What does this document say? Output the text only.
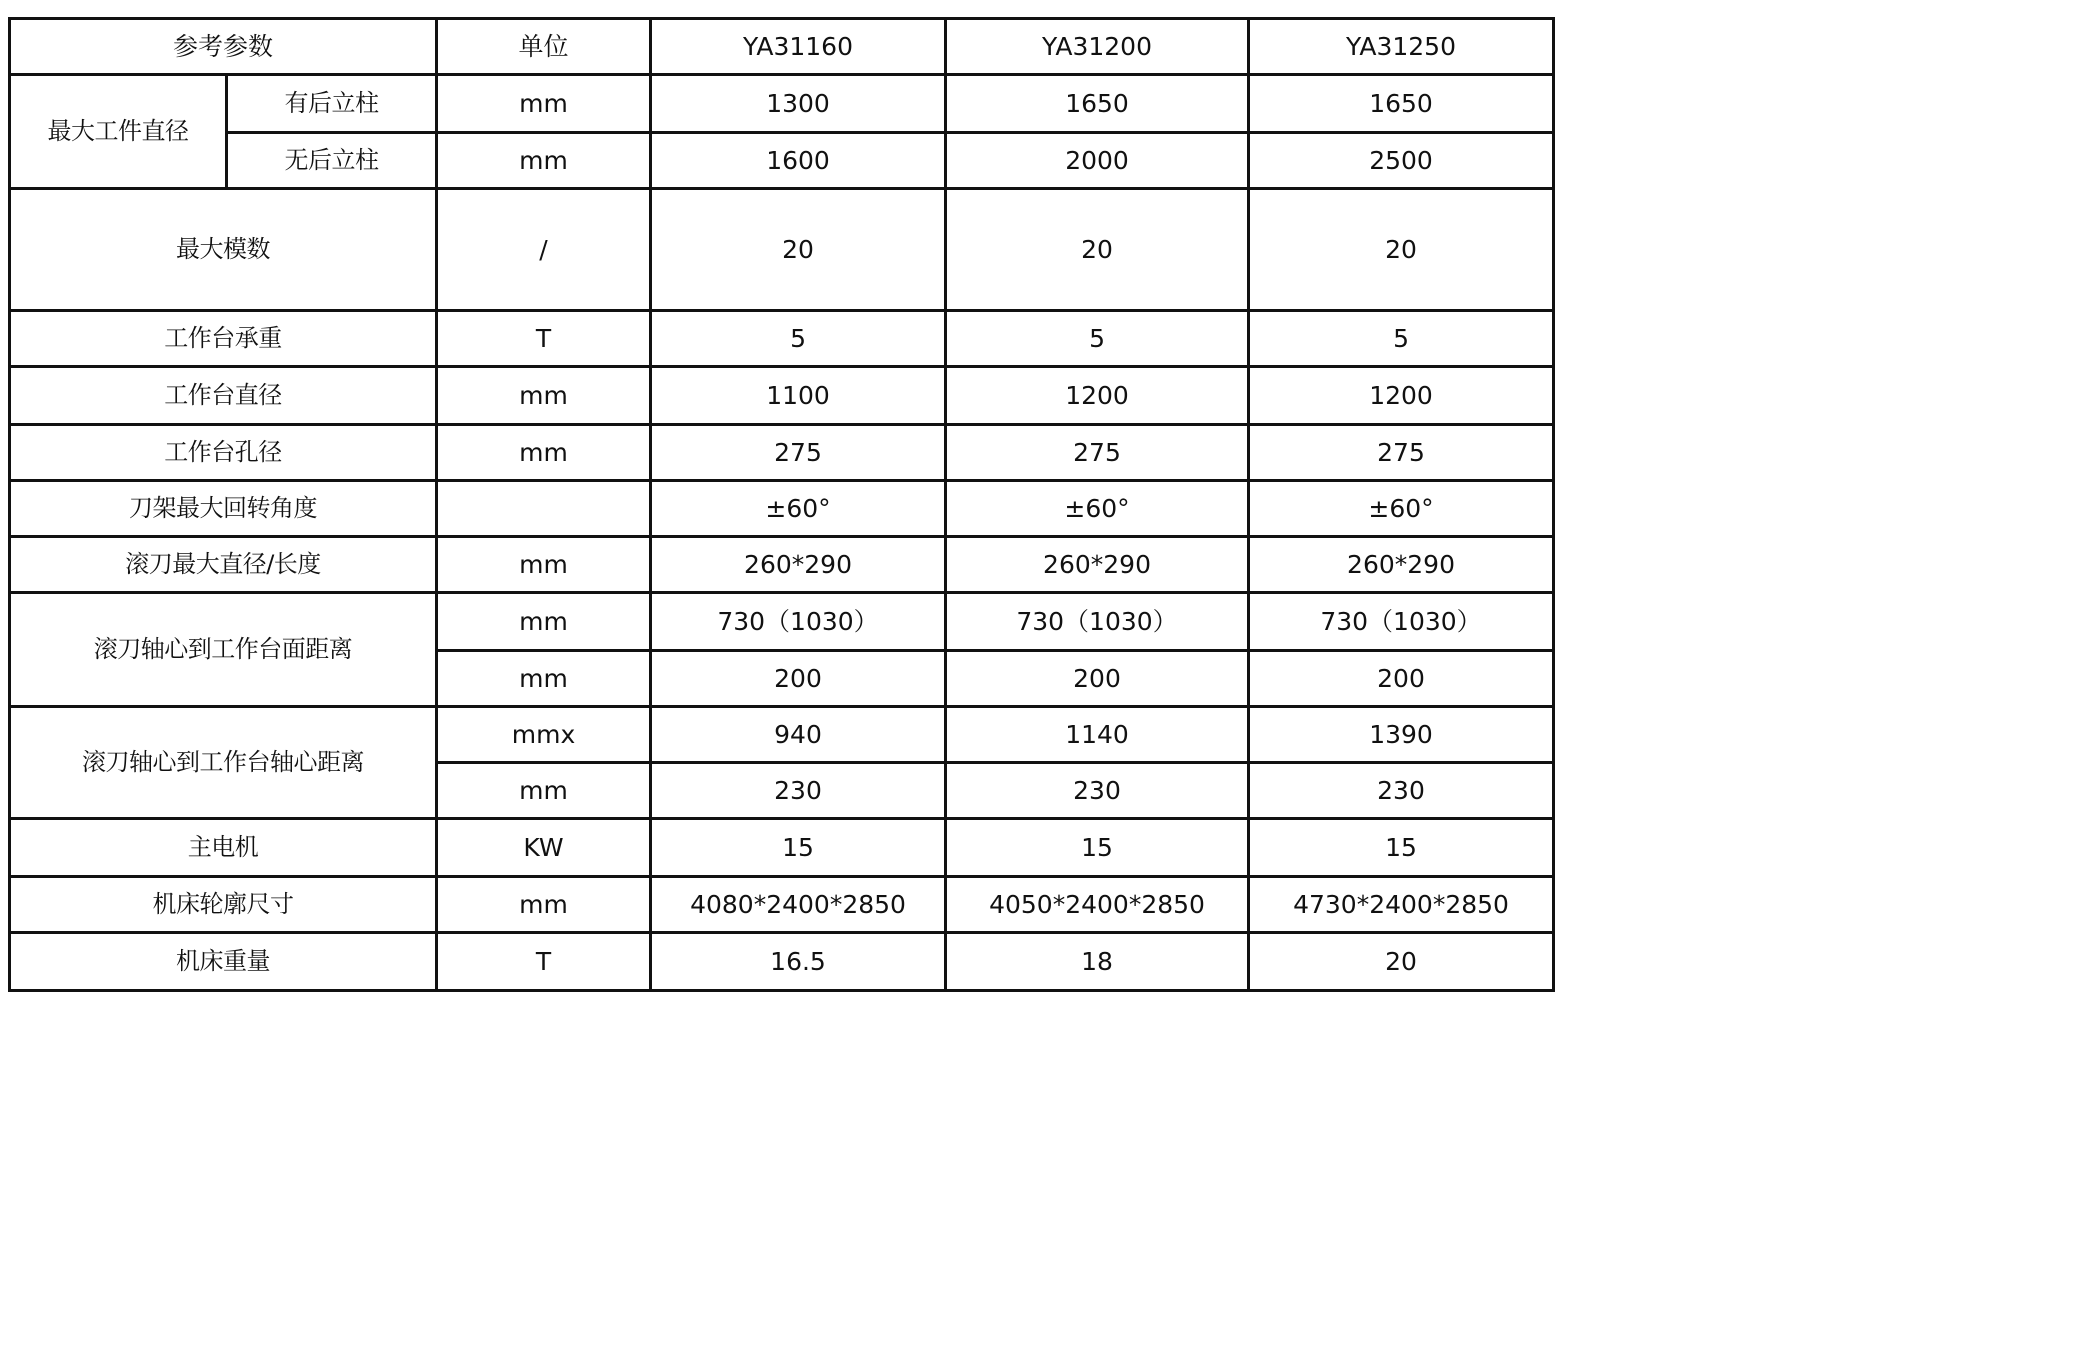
参考参数		单位	YA31160	YA31200	YA31250
最大工件直径	有后立柱	mm	1300	1650	1650
	无后立柱	mm	1600	2000	2500
最大模数		/	20	20	20
工作台承重		T	5	5	5
工作台直径		mm	1100	1200	1200
工作台孔径		mm	275	275	275
刀架最大回转角度			±60°	±60°	±60°
滚刀最大直径/长度		mm	260*290	260*290	260*290
滚刀轴心到工作台面距离		mm	730（1030）	730（1030）	730（1030）
		mm	200	200	200
滚刀轴心到工作台轴心距离		mmx	940	1140	1390
		mm	230	230	230
主电机		KW	15	15	15
机床轮廓尺寸		mm	4080*2400*2850	4050*2400*2850	4730*2400*2850
机床重量		T	16.5	18	20
